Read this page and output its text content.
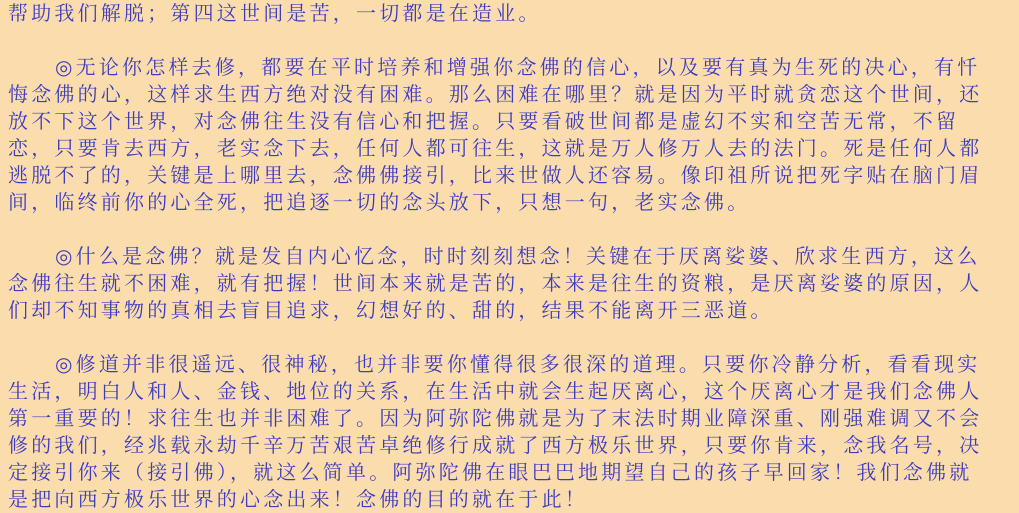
帮助我们解脱；第四这世间是苦，一切都是在造业。
◎无论你怎样去修，都要在平时培养和增强你念佛的信心，以及要有真为生死的决心，有忏
悔念佛的心，这样求生西方绝对没有困难。那么困难在哪里？就是因为平时就贪恋这个世间，还
放不下这个世界，对念佛往生没有信心和把握。只要看破世间都是虚幻不实和空苦无常，不留
恋，只要肯去西方，老实念下去，任何人都可往生，这就是万人修万人去的法门。死是任何人都
逃脱不了的，关键是上哪里去，念佛佛接引，比来世做人还容易。像印祖所说把死字贴在脑门眉
间，临终前你的心全死，把追逐一切的念头放下，只想一句，老实念佛。
◎什么是念佛？就是发自内心忆念，时时刻刻想念！关键在于厌离娑婆、欣求生西方，这么
念佛往生就不困难，就有把握！世间本来就是苦的，本来是往生的资粮，是厌离娑婆的原因，人
们却不知事物的真相去盲目追求，幻想好的、甜的，结果不能离开三恶道。
◎修道并非很遥远、很神秘，也并非要你懂得很多很深的道理。只要你冷静分析，看看现实
生活，明白人和人、金钱、地位的关系，在生活中就会生起厌离心，这个厌离心才是我们念佛人
第一重要的！求往生也并非困难了。因为阿弥陀佛就是为了末法时期业障深重、刚强难调又不会
修的我们，经兆载永劫千辛万苦艰苦卓绝修行成就了西方极乐世界，只要你肯来，念我名号，决
定接引你来（接引佛），就这么简单。阿弥陀佛在眼巴巴地期望自己的孩子早回家！我们念佛就
是把向西方极乐世界的心念出来！念佛的目的就在于此！
